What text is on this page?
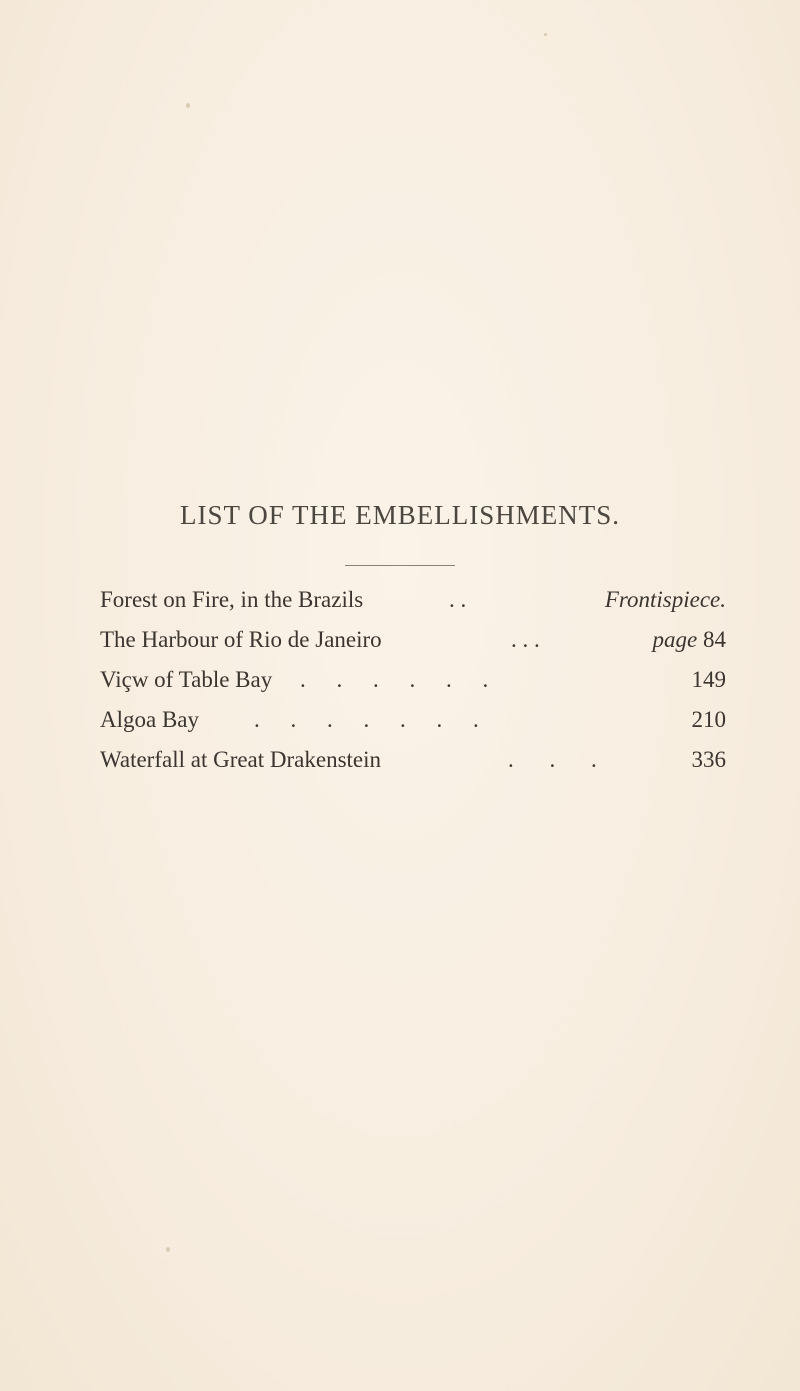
LIST OF THE EMBELLISHMENTS.
Forest on Fire, in the Brazils	. .	Frontispiece.
The Harbour of Rio de Janeiro	. . .	page 84
Viçw of Table Bay . . . . . .	149
Algoa Bay . . . . . . .	210
Waterfall at Great Drakenstein	. . .	336
